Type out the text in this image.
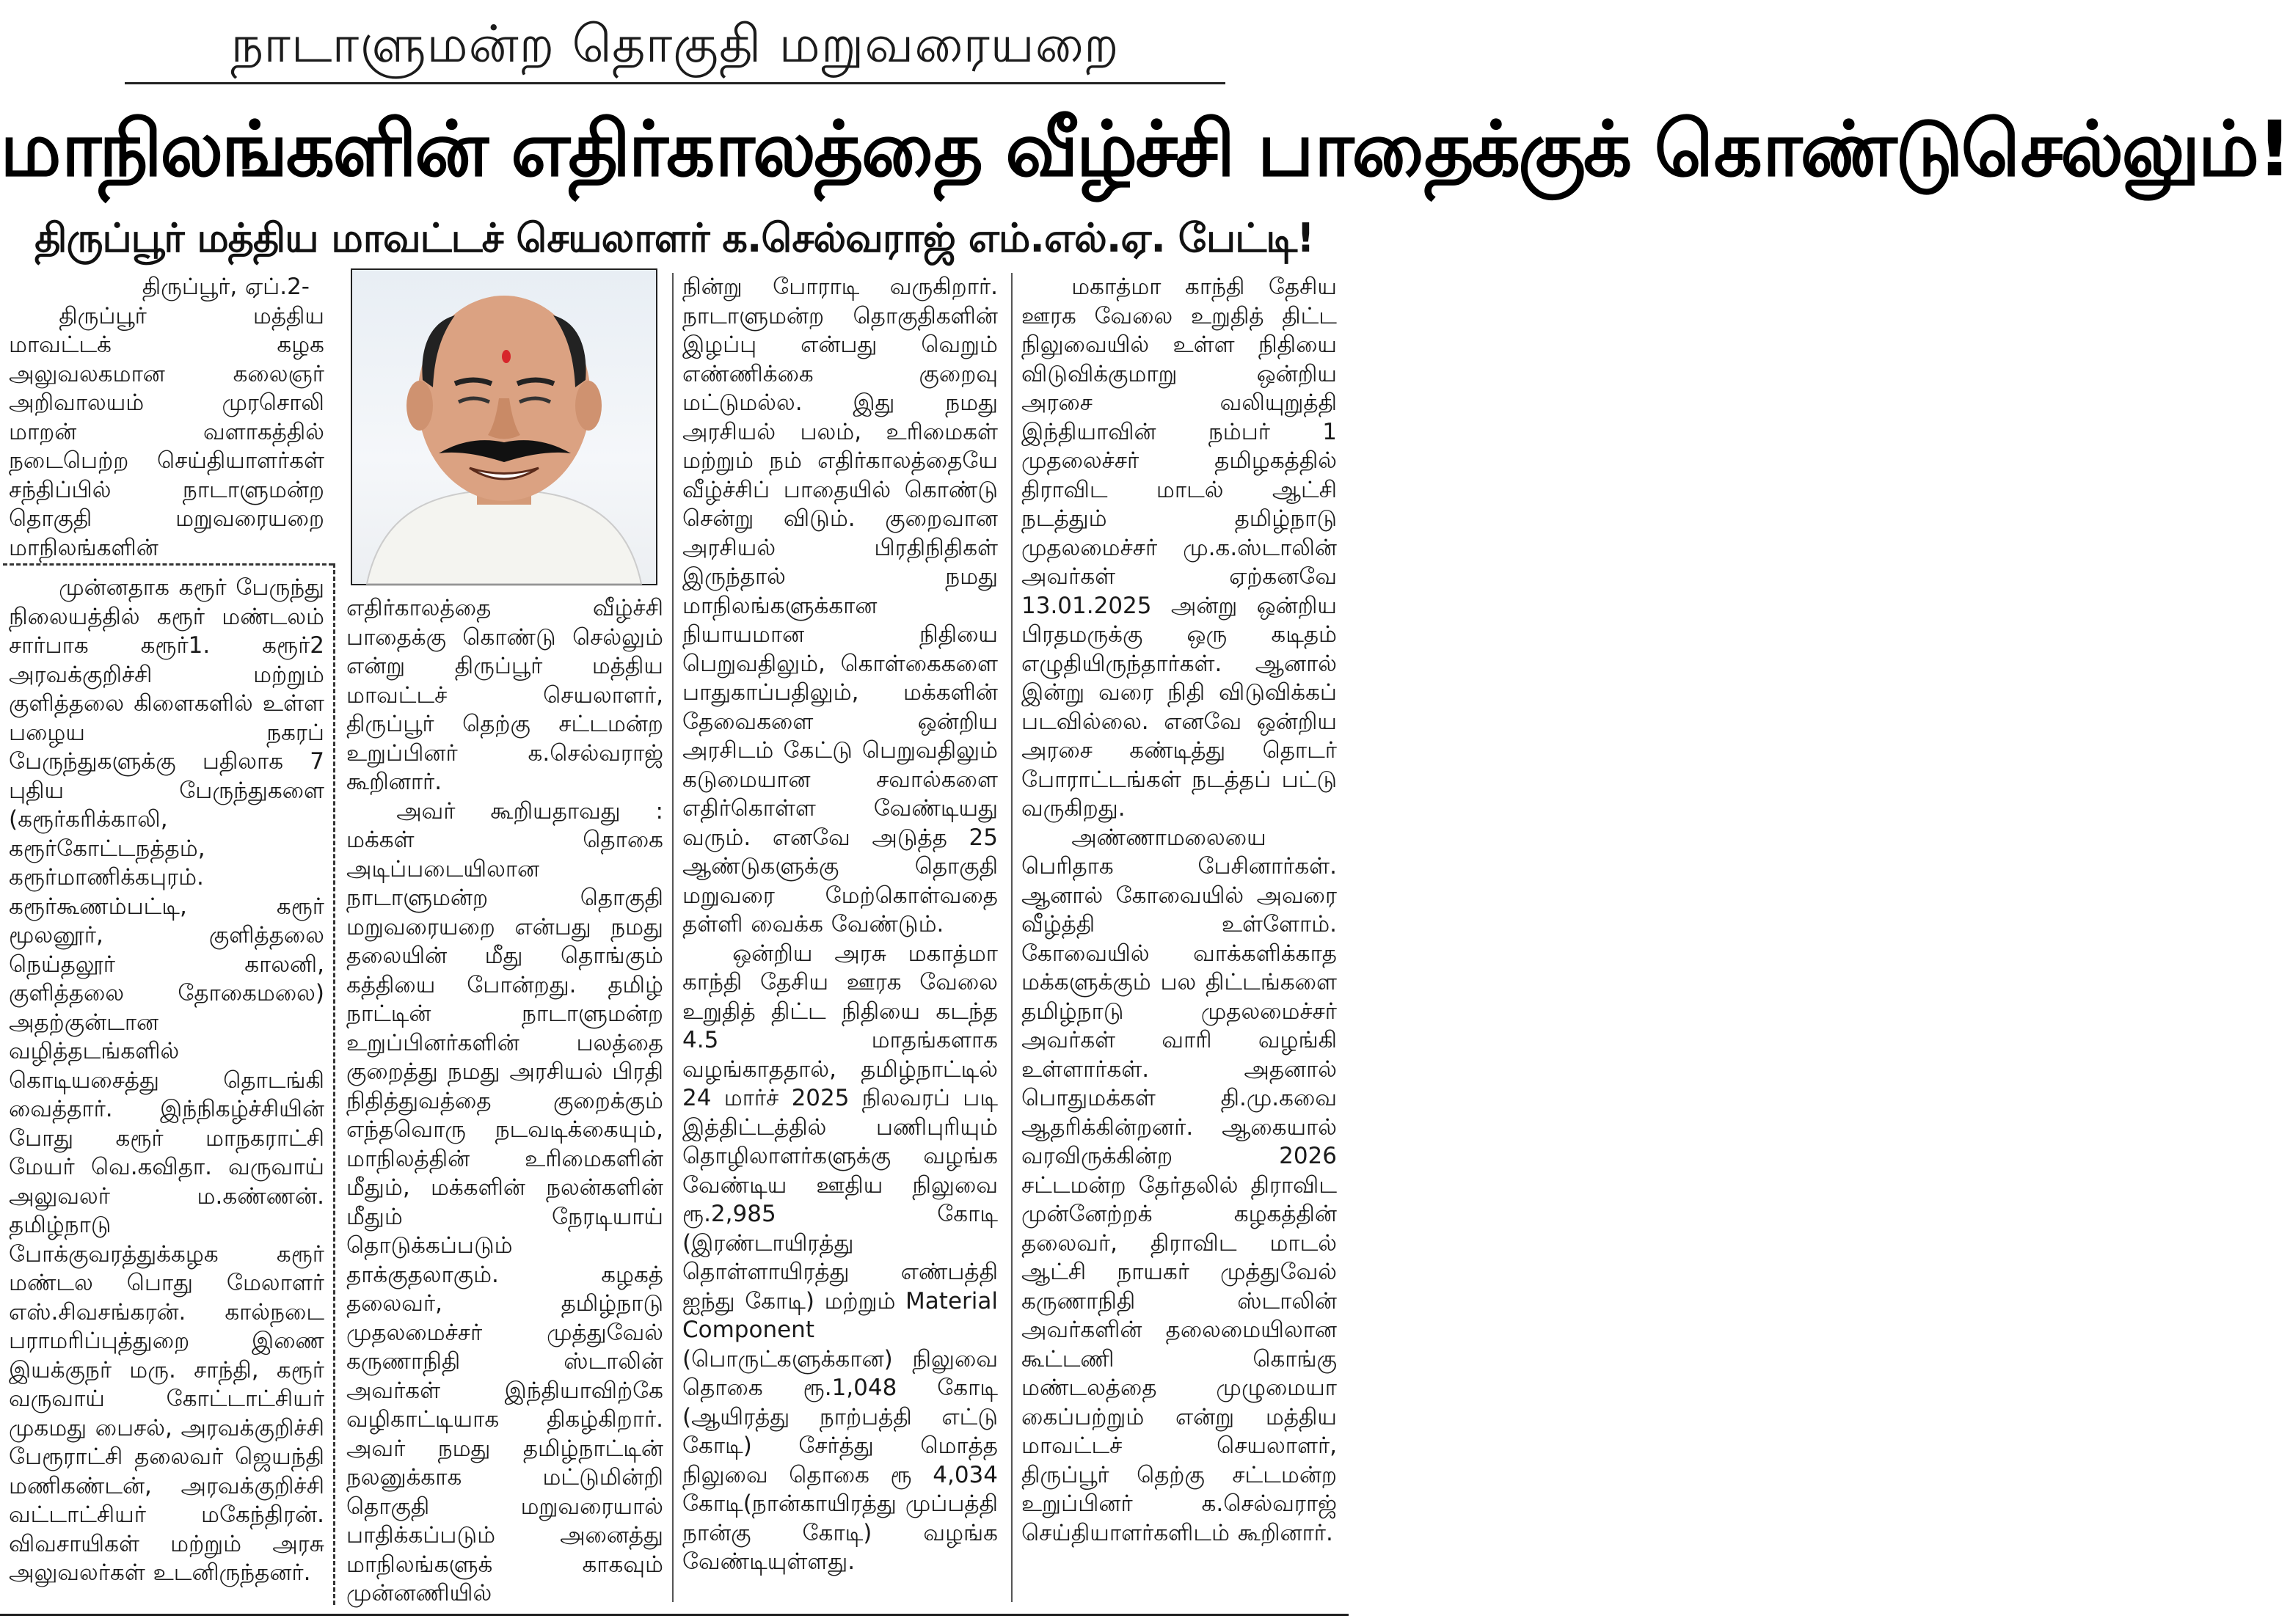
நாடாளுமன்ற தொகுதி மறுவரையறை
மாநிலங்களின் எதிர்காலத்தை வீழ்ச்சி பாதைக்குக் கொண்டுசெல்லும்!
திருப்பூர் மத்திய மாவட்டச் செயலாளர் க.செல்வராஜ் எம்.எல்.ஏ. பேட்டி!

திருப்பூர், ஏப்.2-

திருப்பூர் மத்திய மாவட்டக் கழக அலுவலகமான கலைஞர் அறிவாலயம் முரசொலி மாறன் வளாகத்தில் நடைபெற்ற செய்தியாளர்கள் சந்திப்பில் நாடாளுமன்ற தொகுதி மறுவரையறை மாநிலங்களின்

முன்னதாக கரூர் பேருந்து நிலையத்தில் கரூர் மண்டலம் சார்பாக கரூர்1. கரூர்2 அரவக்குறிச்சி மற்றும் குளித்தலை கிளைகளில் உள்ள பழைய நகரப் பேருந்துகளுக்கு பதிலாக 7 புதிய பேருந்துகளை (கரூர்கரிக்காலி, கரூர்கோட்டநத்தம், கரூர்மாணிக்கபுரம். கரூர்கூணம்பட்டி, கரூர் மூலனூர், குளித்தலை நெய்தலூர் காலனி, குளித்தலை தோகைமலை) அதற்குன்டான வழித்தடங்களில் கொடியசைத்து தொடங்கி வைத்தார். இந்நிகழ்ச்சியின் போது கரூர் மாநகராட்சி மேயர் வெ.கவிதா. வருவாய் அலுவலர் ம.கண்ணன். தமிழ்நாடு போக்குவரத்துக்கழக கரூர் மண்டல பொது மேலாளர் எஸ்.சிவசங்கரன். கால்நடை பராமரிப்புத்துறை இணை இயக்குநர் மரு. சாந்தி, கரூர் வருவாய் கோட்டாட்சியர் முகமது பைசல், அரவக்குறிச்சி பேரூராட்சி தலைவர் ஜெயந்தி மணிகண்டன், அரவக்குறிச்சி வட்டாட்சியர் மகேந்திரன். விவசாயிகள் மற்றும் அரசு அலுவலர்கள் உடனிருந்தனர்.

எதிர்காலத்தை வீழ்ச்சி பாதைக்கு கொண்டு செல்லும் என்று திருப்பூர் மத்திய மாவட்டச் செயலாளர், திருப்பூர் தெற்கு சட்டமன்ற உறுப்பினர் க.செல்வராஜ் கூறினார்.

அவர் கூறியதாவது : மக்கள் தொகை அடிப்படையிலான நாடாளுமன்ற தொகுதி மறுவரையறை என்பது நமது தலையின் மீது தொங்கும் கத்தியை போன்றது. தமிழ் நாட்டின் நாடாளுமன்ற உறுப்பினர்களின் பலத்தை குறைத்து நமது அரசியல் பிரதி நிதித்துவத்தை குறைக்கும் எந்தவொரு நடவடிக்கையும், மாநிலத்தின் உரிமைகளின் மீதும், மக்களின் நலன்களின் மீதும் நேரடியாய் தொடுக்கப்படும் தாக்குதலாகும். கழகத் தலைவர், தமிழ்நாடு முதலமைச்சர் முத்துவேல் கருணாநிதி ஸ்டாலின் அவர்கள் இந்தியாவிற்கே வழிகாட்டியாக திகழ்கிறார். அவர் நமது தமிழ்நாட்டின் நலனுக்காக மட்டுமின்றி தொகுதி மறுவரையால் பாதிக்கப்படும் அனைத்து மாநிலங்களுக் காகவும் முன்னணியில்

நின்று போராடி வருகிறார். நாடாளுமன்ற தொகுதிகளின் இழப்பு என்பது வெறும் எண்ணிக்கை குறைவு மட்டுமல்ல. இது நமது அரசியல் பலம், உரிமைகள் மற்றும் நம் எதிர்காலத்தையே வீழ்ச்சிப் பாதையில் கொண்டு சென்று விடும். குறைவான அரசியல் பிரதிநிதிகள் இருந்தால் நமது மாநிலங்களுக்கான நியாயமான நிதியை பெறுவதிலும், கொள்கைகளை பாதுகாப்பதிலும், மக்களின் தேவைகளை ஒன்றிய அரசிடம் கேட்டு பெறுவதிலும் கடுமையான சவால்களை எதிர்கொள்ள வேண்டியது வரும். எனவே அடுத்த 25 ஆண்டுகளுக்கு தொகுதி மறுவரை மேற்கொள்வதை தள்ளி வைக்க வேண்டும்.

ஒன்றிய அரசு மகாத்மா காந்தி தேசிய ஊரக வேலை உறுதித் திட்ட நிதியை கடந்த 4.5 மாதங்களாக வழங்காததால், தமிழ்நாட்டில் 24 மார்ச் 2025 நிலவரப் படி இத்திட்டத்தில் பணிபுரியும் தொழிலாளர்களுக்கு வழங்க வேண்டிய ஊதிய நிலுவை ரூ.2,985 கோடி (இரண்டாயிரத்து தொள்ளாயிரத்து எண்பத்தி ஐந்து கோடி) மற்றும் Material Component (பொருட்களுக்கான) நிலுவை தொகை ரூ.1,048 கோடி (ஆயிரத்து நாற்பத்தி எட்டு கோடி) சேர்த்து மொத்த நிலுவை தொகை ரூ 4,034 கோடி(நான்காயிரத்து முப்பத்தி நான்கு கோடி) வழங்க வேண்டியுள்ளது.

மகாத்மா காந்தி தேசிய ஊரக வேலை உறுதித் திட்ட நிலுவையில் உள்ள நிதியை விடுவிக்குமாறு ஒன்றிய அரசை வலியுறுத்தி இந்தியாவின் நம்பர் 1 முதலைச்சர் தமிழகத்தில் திராவிட மாடல் ஆட்சி நடத்தும் தமிழ்நாடு முதலமைச்சர் மு.க.ஸ்டாலின் அவர்கள் ஏற்கனவே 13.01.2025 அன்று ஒன்றிய பிரதமருக்கு ஒரு கடிதம் எழுதியிருந்தார்கள். ஆனால் இன்று வரை நிதி விடுவிக்கப் படவில்லை. எனவே ஒன்றிய அரசை கண்டித்து தொடர் போராட்டங்கள் நடத்தப் பட்டு வருகிறது.

அண்ணாமலையை பெரிதாக பேசினார்கள். ஆனால் கோவையில் அவரை வீழ்த்தி உள்ளோம். கோவையில் வாக்களிக்காத மக்களுக்கும் பல திட்டங்களை தமிழ்நாடு முதலமைச்சர் அவர்கள் வாரி வழங்கி உள்ளார்கள். அதனால் பொதுமக்கள் தி.மு.கவை ஆதரிக்கின்றனர். ஆகையால் வரவிருக்கின்ற 2026 சட்டமன்ற தேர்தலில் திராவிட முன்னேற்றக் கழகத்தின் தலைவர், திராவிட மாடல் ஆட்சி நாயகர் முத்துவேல் கருணாநிதி ஸ்டாலின் அவர்களின் தலைமையிலான கூட்டணி கொங்கு மண்டலத்தை முழுமையா கைப்பற்றும் என்று மத்திய மாவட்டச் செயலாளர், திருப்பூர் தெற்கு சட்டமன்ற உறுப்பினர் க.செல்வராஜ் செய்தியாளர்களிடம் கூறினார்.
